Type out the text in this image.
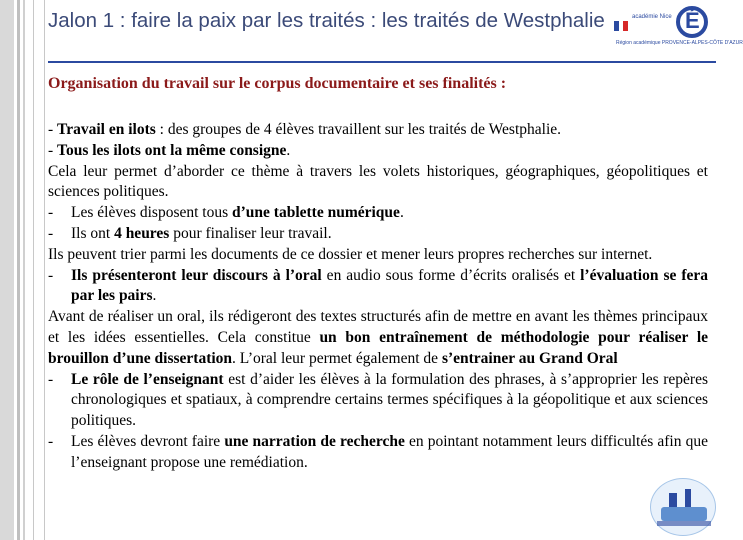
Jalon 1 : faire la paix par les traités : les traités de Westphalie	académie Nice É
Région académique PROVENCE-ALPES-CÔTE D'AZUR
Organisation du travail sur le corpus documentaire et ses finalités :

- Travail en ilots : des groupes de 4 élèves travaillent sur les traités de Westphalie.

- Tous les ilots ont la même consigne.

Cela leur permet d’aborder ce thème à travers les volets historiques, géographiques, géopolitiques et sciences politiques.

-	Les élèves disposent tous d’une tablette numérique.
-	Ils ont 4 heures pour finaliser leur travail.

Ils peuvent trier parmi les documents de ce dossier et mener leurs propres recherches sur internet.

-	Ils présenteront leur discours à l’oral en audio sous forme d’écrits oralisés et l’évaluation se fera par les pairs.

Avant de réaliser un oral, ils rédigeront des textes structurés afin de mettre en avant les thèmes principaux et les idées essentielles. Cela constitue un bon entraînement de méthodologie pour réaliser le brouillon d’une dissertation. L’oral leur permet également de s’entrainer au Grand Oral

-	Le rôle de l’enseignant est d’aider les élèves à la formulation des phrases, à s’approprier les repères chronologiques et spatiaux, à comprendre certains termes spécifiques à la géopolitique et aux sciences politiques.
-	Les élèves devront faire une narration de recherche en pointant notamment leurs difficultés afin que l’enseignant propose une remédiation.
